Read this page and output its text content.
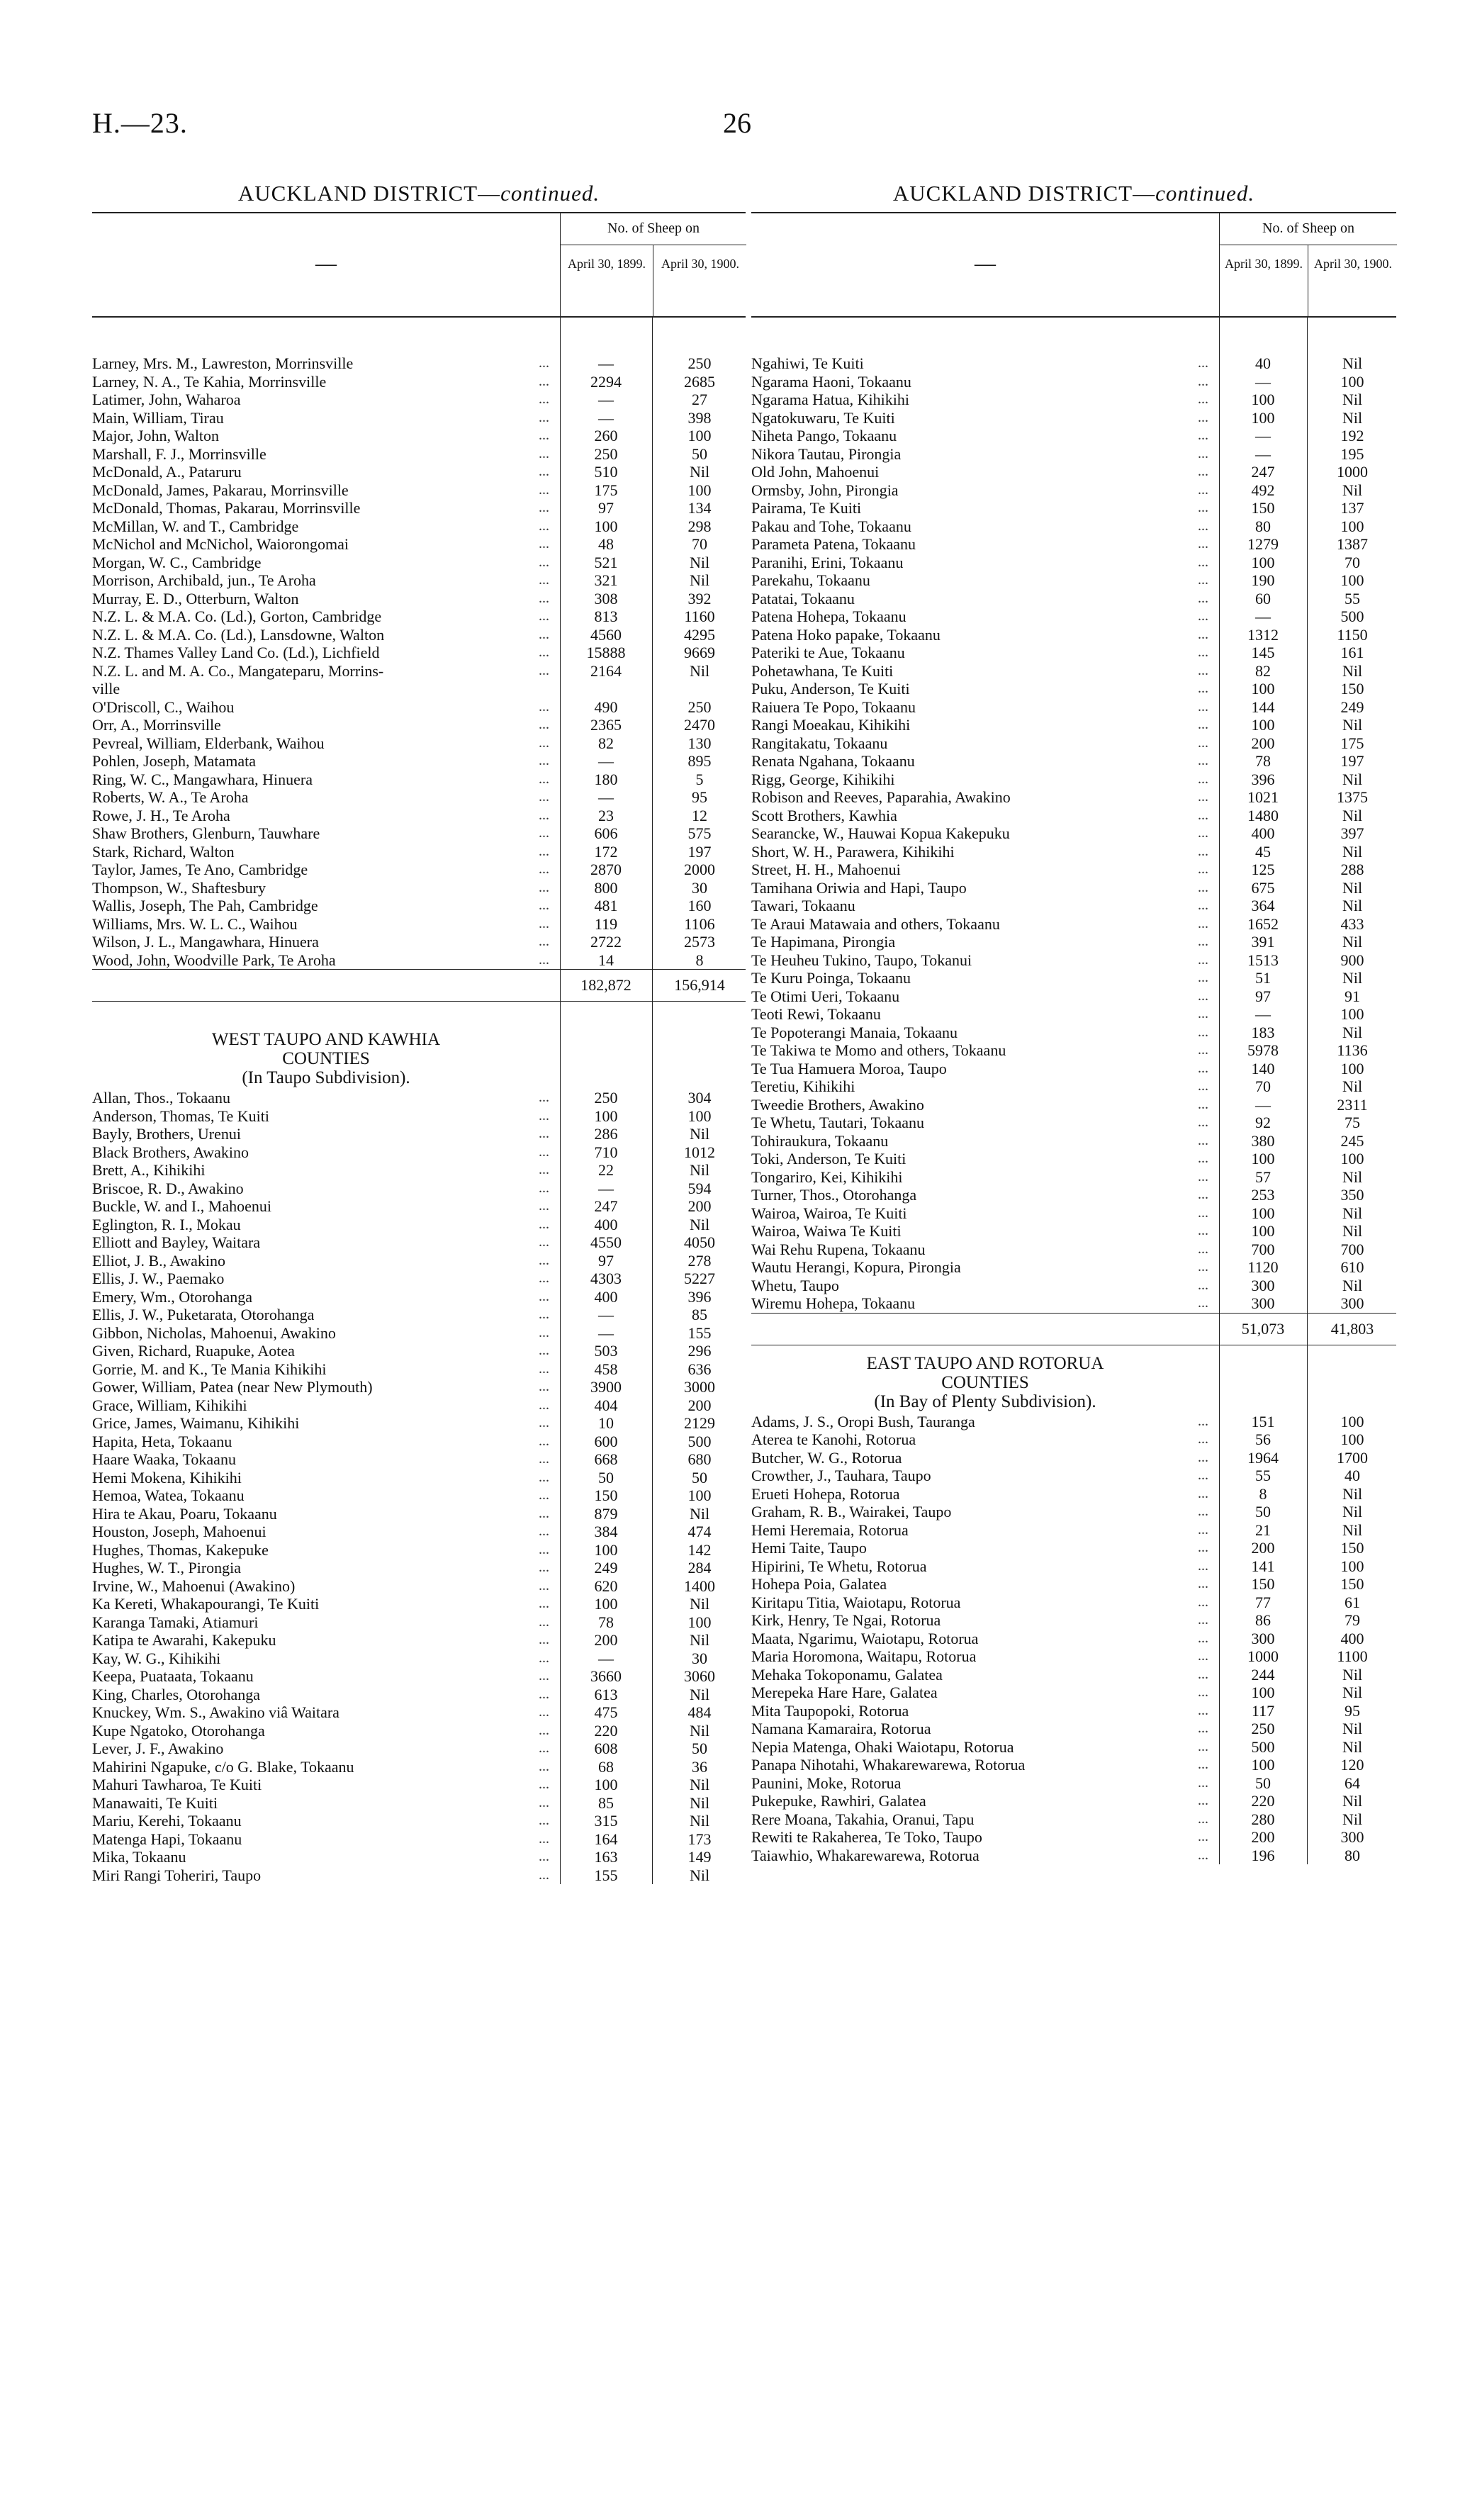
H.—23.	26
AUCKLAND DISTRICT—continued.
—
No. of Sheep on
April 30, 1899.	April 30, 1900.
Larney, Mrs. M., Lawreston, Morrinsville	...	—	250
Larney, N. A., Te Kahia, Morrinsville	...	2294	2685
Latimer, John, Waharoa	...	—	27
Main, William, Tirau	...	—	398
Major, John, Walton	...	260	100
Marshall, F. J., Morrinsville	...	250	50
McDonald, A., Pataruru	...	510	Nil
McDonald, James, Pakarau, Morrinsville	...	175	100
McDonald, Thomas, Pakarau, Morrinsville	...	97	134
McMillan, W. and T., Cambridge	...	100	298
McNichol and McNichol, Waiorongomai	...	48	70
Morgan, W. C., Cambridge	...	521	Nil
Morrison, Archibald, jun., Te Aroha	...	321	Nil
Murray, E. D., Otterburn, Walton	...	308	392
N.Z. L. & M.A. Co. (Ld.), Gorton, Cambridge	...	813	1160
N.Z. L. & M.A. Co. (Ld.), Lansdowne, Walton	...	4560	4295
N.Z. Thames Valley Land Co. (Ld.), Lichfield	...	15888	9669
N.Z. L. and M. A. Co., Mangateparu, Morrins-	...	2164	Nil
ville
O'Driscoll, C., Waihou	...	490	250
Orr, A., Morrinsville	...	2365	2470
Pevreal, William, Elderbank, Waihou	...	82	130
Pohlen, Joseph, Matamata	...	—	895
Ring, W. C., Mangawhara, Hinuera	...	180	5
Roberts, W. A., Te Aroha	...	—	95
Rowe, J. H., Te Aroha	...	23	12
Shaw Brothers, Glenburn, Tauwhare	...	606	575
Stark, Richard, Walton	...	172	197
Taylor, James, Te Ano, Cambridge	...	2870	2000
Thompson, W., Shaftesbury	...	800	30
Wallis, Joseph, The Pah, Cambridge	...	481	160
Williams, Mrs. W. L. C., Waihou	...	119	1106
Wilson, J. L., Mangawhara, Hinuera	...	2722	2573
Wood, John, Woodville Park, Te Aroha	...	14	8
182,872	156,914
WEST TAUPO AND KAWHIA
COUNTIES
(In Taupo Subdivision).
Allan, Thos., Tokaanu	...	250	304
Anderson, Thomas, Te Kuiti	...	100	100
Bayly, Brothers, Urenui	...	286	Nil
Black Brothers, Awakino	...	710	1012
Brett, A., Kihikihi	...	22	Nil
Briscoe, R. D., Awakino	...	—	594
Buckle, W. and I., Mahoenui	...	247	200
Eglington, R. I., Mokau	...	400	Nil
Elliott and Bayley, Waitara	...	4550	4050
Elliot, J. B., Awakino	...	97	278
Ellis, J. W., Paemako	...	4303	5227
Emery, Wm., Otorohanga	...	400	396
Ellis, J. W., Puketarata, Otorohanga	...	—	85
Gibbon, Nicholas, Mahoenui, Awakino	...	—	155
Given, Richard, Ruapuke, Aotea	...	503	296
Gorrie, M. and K., Te Mania Kihikihi	...	458	636
Gower, William, Patea (near New Plymouth)	...	3900	3000
Grace, William, Kihikihi	...	404	200
Grice, James, Waimanu, Kihikihi	...	10	2129
Hapita, Heta, Tokaanu	...	600	500
Haare Waaka, Tokaanu	...	668	680
Hemi Mokena, Kihikihi	...	50	50
Hemoa, Watea, Tokaanu	...	150	100
Hira te Akau, Poaru, Tokaanu	...	879	Nil
Houston, Joseph, Mahoenui	...	384	474
Hughes, Thomas, Kakepuke	...	100	142
Hughes, W. T., Pirongia	...	249	284
Irvine, W., Mahoenui (Awakino)	...	620	1400
Ka Kereti, Whakapourangi, Te Kuiti	...	100	Nil
Karanga Tamaki, Atiamuri	...	78	100
Katipa te Awarahi, Kakepuku	...	200	Nil
Kay, W. G., Kihikihi	...	—	30
Keepa, Puataata, Tokaanu	...	3660	3060
King, Charles, Otorohanga	...	613	Nil
Knuckey, Wm. S., Awakino viâ Waitara	...	475	484
Kupe Ngatoko, Otorohanga	...	220	Nil
Lever, J. F., Awakino	...	608	50
Mahirini Ngapuke, c/o G. Blake, Tokaanu	...	68	36
Mahuri Tawharoa, Te Kuiti	...	100	Nil
Manawaiti, Te Kuiti	...	85	Nil
Mariu, Kerehi, Tokaanu	...	315	Nil
Matenga Hapi, Tokaanu	...	164	173
Mika, Tokaanu	...	163	149
Miri Rangi Toheriri, Taupo	...	155	Nil
AUCKLAND DISTRICT—continued.
—
No. of Sheep on
April 30, 1899. April 30, 1900.
Ngahiwi, Te Kuiti	...	40	Nil
Ngarama Haoni, Tokaanu	...	—	100
Ngarama Hatua, Kihikihi	...	100	Nil
Ngatokuwaru, Te Kuiti	...	100	Nil
Niheta Pango, Tokaanu	...	—	192
Nikora Tautau, Pirongia	...	—	195
Old John, Mahoenui	...	247	1000
Ormsby, John, Pirongia	...	492	Nil
Pairama, Te Kuiti	...	150	137
Pakau and Tohe, Tokaanu	...	80	100
Parameta Patena, Tokaanu	...	1279	1387
Paranihi, Erini, Tokaanu	...	100	70
Parekahu, Tokaanu	...	190	100
Patatai, Tokaanu	...	60	55
Patena Hohepa, Tokaanu	...	—	500
Patena Hoko papake, Tokaanu	...	1312	1150
Pateriki te Aue, Tokaanu	...	145	161
Pohetawhana, Te Kuiti	...	82	Nil
Puku, Anderson, Te Kuiti	...	100	150
Raiuera Te Popo, Tokaanu	...	144	249
Rangi Moeakau, Kihikihi	...	100	Nil
Rangitakatu, Tokaanu	...	200	175
Renata Ngahana, Tokaanu	...	78	197
Rigg, George, Kihikihi	...	396	Nil
Robison and Reeves, Paparahia, Awakino	...	1021	1375
Scott Brothers, Kawhia	...	1480	Nil
Searancke, W., Hauwai Kopua Kakepuku	...	400	397
Short, W. H., Parawera, Kihikihi	...	45	Nil
Street, H. H., Mahoenui	...	125	288
Tamihana Oriwia and Hapi, Taupo	...	675	Nil
Tawari, Tokaanu	...	364	Nil
Te Araui Matawaia and others, Tokaanu	...	1652	433
Te Hapimana, Pirongia	...	391	Nil
Te Heuheu Tukino, Taupo, Tokanui	...	1513	900
Te Kuru Poinga, Tokaanu	...	51	Nil
Te Otimi Ueri, Tokaanu	...	97	91
Teoti Rewi, Tokaanu	...	—	100
Te Popoterangi Manaia, Tokaanu	...	183	Nil
Te Takiwa te Momo and others, Tokaanu	...	5978	1136
Te Tua Hamuera Moroa, Taupo	...	140	100
Teretiu, Kihikihi	...	70	Nil
Tweedie Brothers, Awakino	...	—	2311
Te Whetu, Tautari, Tokaanu	...	92	75
Tohiraukura, Tokaanu	...	380	245
Toki, Anderson, Te Kuiti	...	100	100
Tongariro, Kei, Kihikihi	...	57	Nil
Turner, Thos., Otorohanga	...	253	350
Wairoa, Wairoa, Te Kuiti	...	100	Nil
Wairoa, Waiwa Te Kuiti	...	100	Nil
Wai Rehu Rupena, Tokaanu	...	700	700
Wautu Herangi, Kopura, Pirongia	...	1120	610
Whetu, Taupo	...	300	Nil
Wiremu Hohepa, Tokaanu	...	300	300
51,073	41,803
EAST TAUPO AND ROTORUA
COUNTIES
(In Bay of Plenty Subdivision).
Adams, J. S., Oropi Bush, Tauranga	...	151	100
Aterea te Kanohi, Rotorua	...	56	100
Butcher, W. G., Rotorua	...	1964	1700
Crowther, J., Tauhara, Taupo	...	55	40
Erueti Hohepa, Rotorua	...	8	Nil
Graham, R. B., Wairakei, Taupo	...	50	Nil
Hemi Heremaia, Rotorua	...	21	Nil
Hemi Taite, Taupo	...	200	150
Hipirini, Te Whetu, Rotorua	...	141	100
Hohepa Poia, Galatea	...	150	150
Kiritapu Titia, Waiotapu, Rotorua	...	77	61
Kirk, Henry, Te Ngai, Rotorua	...	86	79
Maata, Ngarimu, Waiotapu, Rotorua	...	300	400
Maria Horomona, Waitapu, Rotorua	...	1000	1100
Mehaka Tokoponamu, Galatea	...	244	Nil
Merepeka Hare Hare, Galatea	...	100	Nil
Mita Taupopoki, Rotorua	...	117	95
Namana Kamaraira, Rotorua	...	250	Nil
Nepia Matenga, Ohaki Waiotapu, Rotorua	...	500	Nil
Panapa Nihotahi, Whakarewarewa, Rotorua	...	100	120
Paunini, Moke, Rotorua	...	50	64
Pukepuke, Rawhiri, Galatea	...	220	Nil
Rere Moana, Takahia, Oranui, Tapu	...	280	Nil
Rewiti te Rakaherea, Te Toko, Taupo	...	200	300
Taiawhio, Whakarewarewa, Rotorua	...	196	80
